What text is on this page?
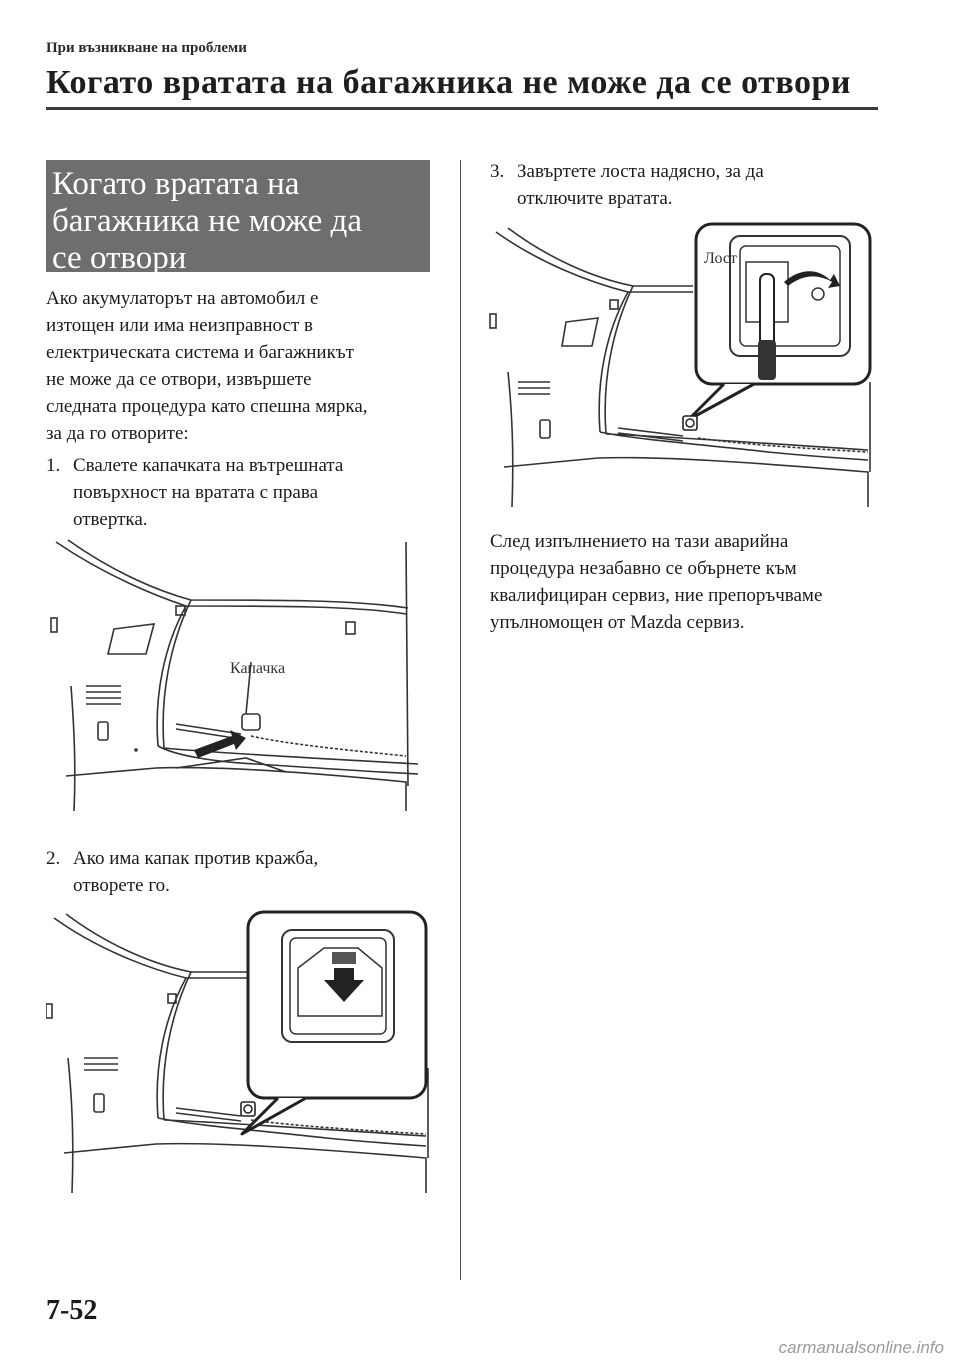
При възникване на проблеми
Когато вратата на багажника не може да се отвори
Когато вратата на
багажника не може да
се отвори
Ако акумулаторът на автомобил е
изтощен или има неизправност в
електрическата система и багажникът
не може да се отвори, извършете
следната процедура като спешна мярка,
за да го отворите:
1. Свалете капачката на вътрешната
повърхност на вратата с права
отвертка.
Капачка
2. Ако има капак против кражба,
отворете го.
3. Завъртете лоста надясно, за да
отключите вратата.
Лост
След изпълнението на тази аварийна
процедура незабавно се обърнете към
квалифициран сервиз, ние препоръчваме
упълномощен от Mazda сервиз.
7-52
carmanualsonline.info
